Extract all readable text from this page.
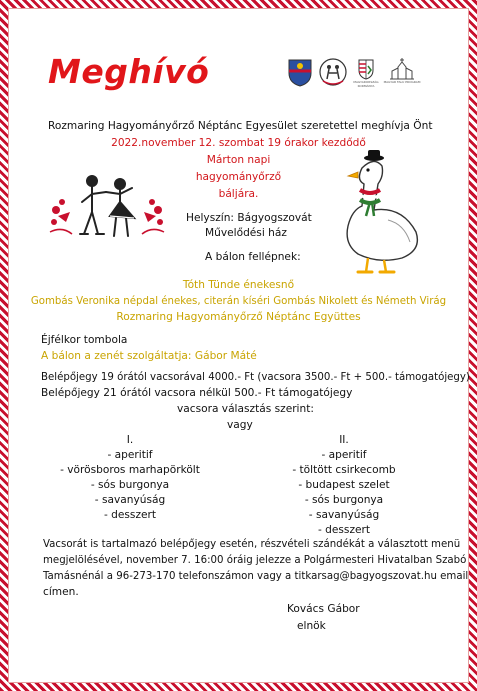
Meghívó	MAGYARORSZÁG KORMÁNYA
MAGYAR FALU PROGRAM
Rozmaring Hagyományőrző Néptánc Egyesület szeretettel meghívja Önt
2022.november 12. szombat 19 órakor kezdődő
Márton napi
hagyományőrző
báljára.
Helyszín: Bágyogszovát
Művelődési ház
A bálon fellépnek:
Tóth Tünde énekesnő
Gombás Veronika népdal énekes, citerán kíséri Gombás Nikolett és Németh Virág
Rozmaring Hagyományőrző Néptánc Együttes
Éjfélkor tombola
A bálon a zenét szolgáltatja: Gábor Máté
Belépőjegy 19 órától vacsorával 4000.- Ft (vacsora 3500.- Ft + 500.- támogatójegy)
Belépőjegy 21 órától vacsora nélkül 500.- Ft támogatójegy
vacsora választás szerint:
vagy
I.
- aperitif
- vörösboros marhapörkölt
- sós burgonya
- savanyúság
- desszert
II.
- aperitif
- töltött csirkecomb
- budapest szelet
- sós burgonya
- savanyúság
- desszert
Vacsorát is tartalmazó belépőjegy esetén, részvételi szándékát a választott menü
megjelölésével, november 7. 16:00 óráig jelezze a Polgármesteri Hivatalban Szabó
Tamásnénál a 96-273-170 telefonszámon vagy a titkarsag@bagyogszovat.hu email
címen.
Kovács Gábor
elnök
